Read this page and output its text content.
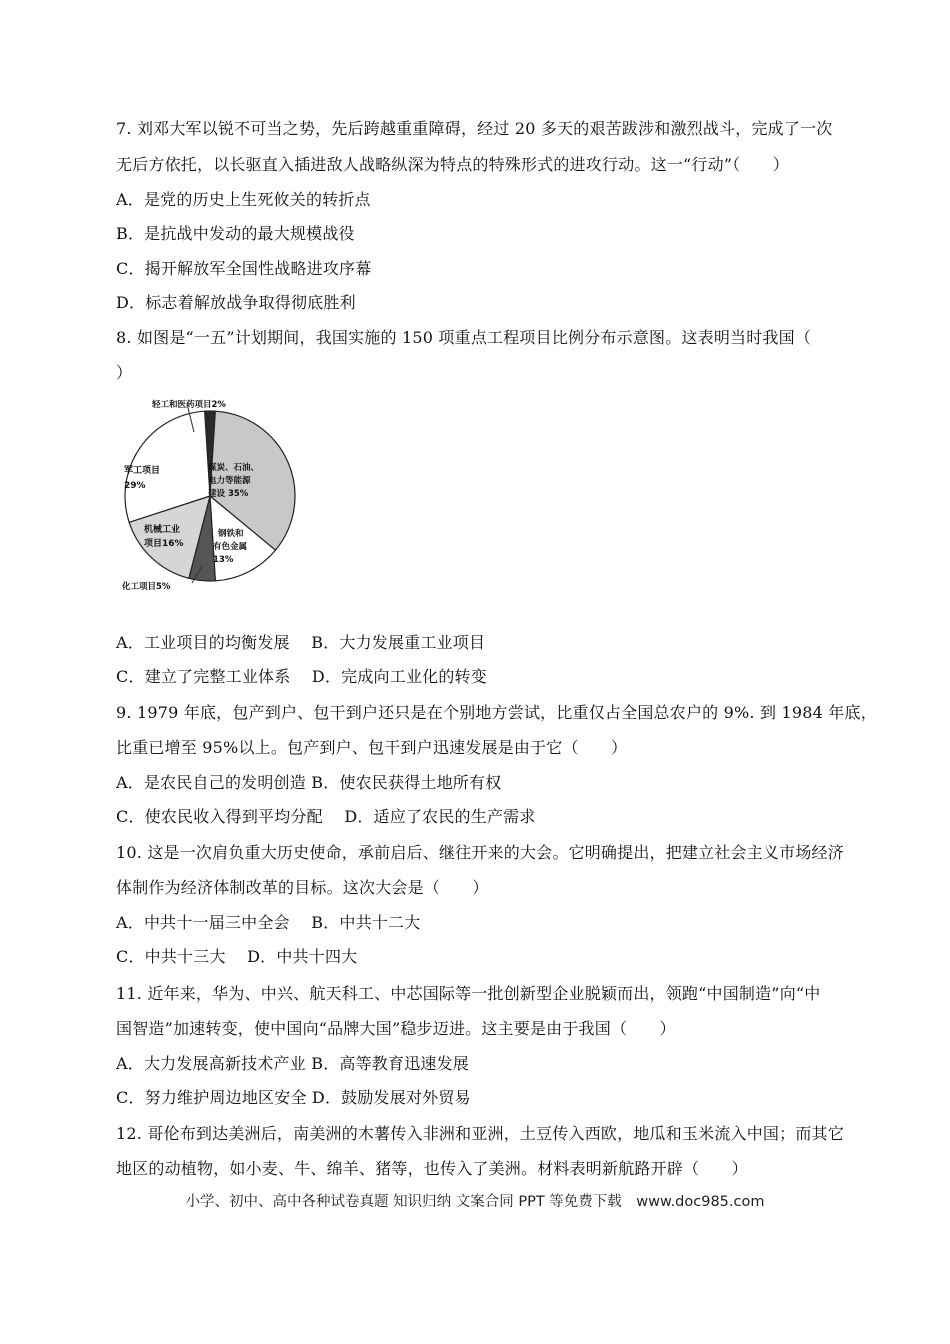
7. 刘邓大军以锐不可当之势，先后跨越重重障碍，经过 20 多天的艰苦跋涉和激烈战斗，完成了一次
无后方依托，以长驱直入插进敌人战略纵深为特点的特殊形式的进攻行动。这一“行动”（　　）
A．是党的历史上生死攸关的转折点
B．是抗战中发动的最大规模战役
C．揭开解放军全国性战略进攻序幕
D．标志着解放战争取得彻底胜利
8. 如图是“一五”计划期间，我国实施的 150 项重点工程项目比例分布示意图。这表明当时我国（
）
轻工和医药项目2%
军工项目
29%
煤炭、石油、
电力等能源
建设 35%
机械工业
项目16%
钢铁和
有色金属
13%
化工项目5%
A．工业项目的均衡发展　 B．大力发展重工业项目
C．建立了完整工业体系　 D．完成向工业化的转变
9. 1979 年底，包产到户、包干到户还只是在个别地方尝试，比重仅占全国总农户的 9%. 到 1984 年底，
比重已增至 95%以上。包产到户、包干到户迅速发展是由于它（　　）
A．是农民自己的发明创造 B．使农民获得土地所有权
C．使农民收入得到平均分配　 D．适应了农民的生产需求
10. 这是一次肩负重大历史使命，承前启后、继往开来的大会。它明确提出，把建立社会主义市场经济
体制作为经济体制改革的目标。这次大会是（　　）
A．中共十一届三中全会　 B．中共十二大
C．中共十三大　 D．中共十四大
11. 近年来，华为、中兴、航天科工、中芯国际等一批创新型企业脱颖而出，领跑“中国制造”向“中
国智造”加速转变，使中国向“品牌大国”稳步迈进。这主要是由于我国（　　）
A．大力发展高新技术产业 B．高等教育迅速发展
C．努力维护周边地区安全 D．鼓励发展对外贸易
12. 哥伦布到达美洲后，南美洲的木薯传入非洲和亚洲，土豆传入西欧，地瓜和玉米流入中国；而其它
地区的动植物，如小麦、牛、绵羊、猪等，也传入了美洲。材料表明新航路开辟（　　）
小学、初中、高中各种试卷真题 知识归纳 文案合同 PPT 等免费下载　www.doc985.com
